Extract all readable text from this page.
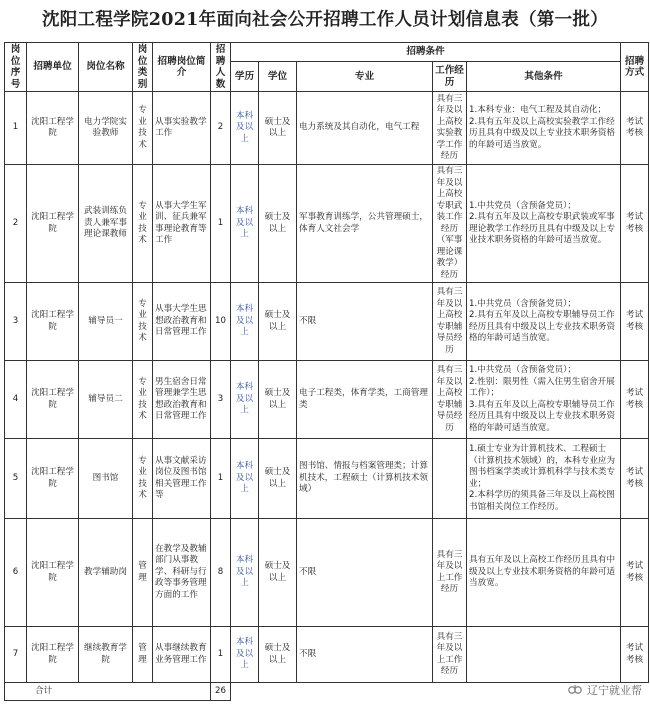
沈阳工程学院2021年面向社会公开招聘工作人员计划信息表（第一批）
岗位序号	招聘单位	岗位名称	岗位类别	招聘岗位简介	招聘人数	招聘条件					招聘方式
						学历	学位	专业	工作经历	其他条件	
1	沈阳工程学院	电力学院实验教师	专业技术	从事实验教学工作	2	本科及以上	硕士及以上	电力系统及其自动化，电气工程	具有三年及以上高校实验教学工作经历	1.本科专业：电气工程及其自动化；
2.具有五年及以上高校实验教学工作经历且具有中级及以上专业技术职务资格的年龄可适当放宽。	考试考核
2	沈阳工程学院	武装训练负责人兼军事理论课教师	专业技术	从事大学生军训、征兵兼军事理论教育等工作	1	本科及以上	硕士及以上	军事教育训练学，公共管理硕士，体育人文社会学	具有三年及以上高校专职武装工作经历（军事理论课教学）经历	1.中共党员（含预备党员）；
2.具有五年及以上高校专职武装或军事理论教学工作经历且具有中级及以上专业技术职务资格的年龄可适当放宽。	考试考核
3	沈阳工程学院	辅导员一	专业技术	从事大学生思想政治教育和日常管理工作	10	本科及以上	硕士及以上	不限	具有三年及以上高校专职辅导员经历	1.中共党员（含预备党员）；
2.具有五年及以上高校专职辅导员工作经历且具有中级及以上专业技术职务资格的年龄可适当放宽。	考试考核
4	沈阳工程学院	辅导员二	专业技术	男生宿舍日常管理兼学生思想政治教育和日常管理工作	3	本科及以上	硕士及以上	电子工程类，体育学类，工商管理类	具有三年及以上高校专职辅导员经历	1.中共党员（含预备党员）；
2.性别：限男性（需入住男生宿舍开展工作）；
3.具有五年及以上高校专职辅导员工作经历且具有中级及以上专业技术职务资格的年龄可适当放宽。	考试考核
5	沈阳工程学院	图书馆	专业技术	从事文献采访岗位及图书馆相关管理工作等	1	本科及以上	硕士及以上	图书馆、情报与档案管理类；计算机技术，工程硕士（计算机技术领域）		1.硕士专业为计算机技术、工程硕士（计算机技术领域）的，本科专业应为图书档案学类或计算机科学与技术类专业；
2.本科学历的须具备三年及以上高校图书馆相关岗位工作经历。	考试考核
6	沈阳工程学院	教学辅助岗	管理	在教学及教辅部门从事教学、科研与行政等事务管理方面的工作	8	本科及以上	硕士及以上	不限	具有三年及以上工作经历	具有五年及以上高校工作经历且具有中级及以上专业技术职务资格的年龄可适当放宽。	考试考核
7	沈阳工程学院	继续教育学院	管理	从事继续教育业务管理工作	1	本科及以上	硕士及以上	不限	具有三年及以上工作经历		考试考核
合计					26							辽宁就业帮
